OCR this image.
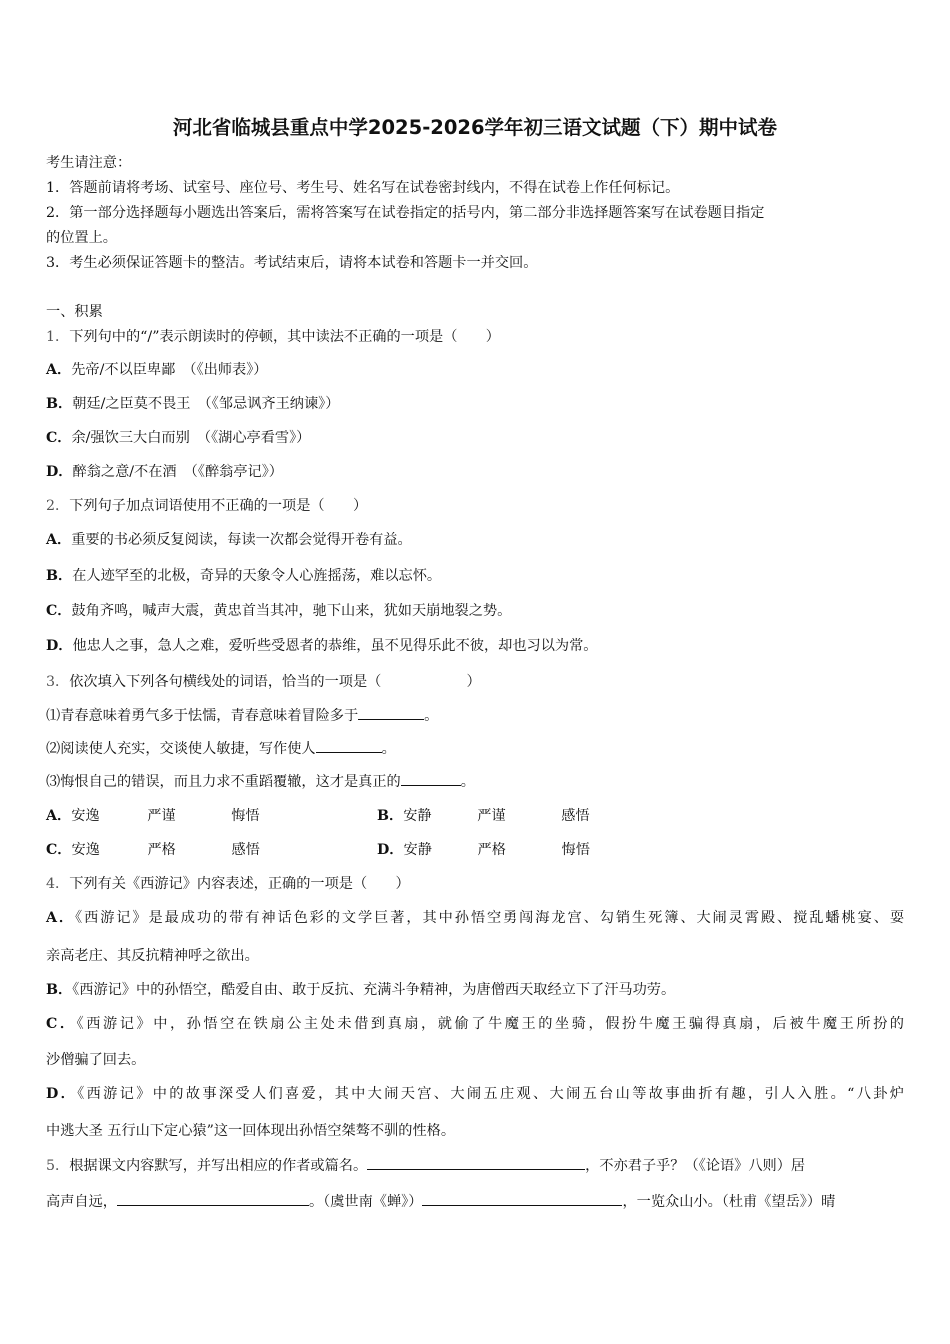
河北省临城县重点中学2025-2026学年初三语文试题（下）期中试卷
考生请注意：
1．答题前请将考场、试室号、座位号、考生号、姓名写在试卷密封线内，不得在试卷上作任何标记。
2．第一部分选择题每小题选出答案后，需将答案写在试卷指定的括号内，第二部分非选择题答案写在试卷题目指定
的位置上。
3．考生必须保证答题卡的整洁。考试结束后，请将本试卷和答题卡一并交回。
一、积累
1．下列句中的“/”表示朗读时的停顿，其中读法不正确的一项是（　　）
A．先帝/不以臣卑鄙　（《出师表》）
B．朝廷/之臣莫不畏王　（《邹忌讽齐王纳谏》）
C．余/强饮三大白而别　（《湖心亭看雪》）
D．醉翁之意/不在酒　（《醉翁亭记》）
2．下列句子加点词语使用不正确的一项是（　　）
A．重要的书必须反复阅读，每读一次都会觉得开卷有益。
B．在人迹罕至的北极，奇异的天象令人心旌摇荡，难以忘怀。
C．鼓角齐鸣，喊声大震，黄忠首当其冲，驰下山来，犹如天崩地裂之势。
D．他忠人之事，急人之难，爱听些受恩者的恭维，虽不见得乐此不彼，却也习以为常。
3．依次填入下列各句横线处的词语，恰当的一项是（　　　　　　）
⑴青春意味着勇气多于怯懦，青春意味着冒险多于	。
⑵阅读使人充实，交谈使人敏捷，写作使人	。
⑶悔恨自己的错误，而且力求不重蹈覆辙，这才是真正的	。
A．安逸	严谨	悔悟	B．安静	严谨	感悟
C．安逸	严格	感悟	D．安静	严格	悔悟
4．下列有关《西游记》内容表述，正确的一项是（　　）
A．《西游记》是最成功的带有神话色彩的文学巨著，其中孙悟空勇闯海龙宫、勾销生死簿、大闹灵霄殿、搅乱蟠桃宴、耍
亲高老庄、其反抗精神呼之欲出。
B．《西游记》中的孙悟空，酷爱自由、敢于反抗、充满斗争精神，为唐僧西天取经立下了汗马功劳。
C．《西游记》中，孙悟空在铁扇公主处未借到真扇，就偷了牛魔王的坐骑，假扮牛魔王骗得真扇，后被牛魔王所扮的
沙僧骗了回去。
D．《西游记》中的故事深受人们喜爱，其中大闹天宫、大闹五庄观、大闹五台山等故事曲折有趣，引人入胜。“八卦炉
中逃大圣 五行山下定心猿”这一回体现出孙悟空桀骜不驯的性格。
5．根据课文内容默写，并写出相应的作者或篇名。	，不亦君子乎？（《论语》八则）居
高声自远，	。（虞世南《蝉》）	，一览众山小。（杜甫《望岳》）晴
